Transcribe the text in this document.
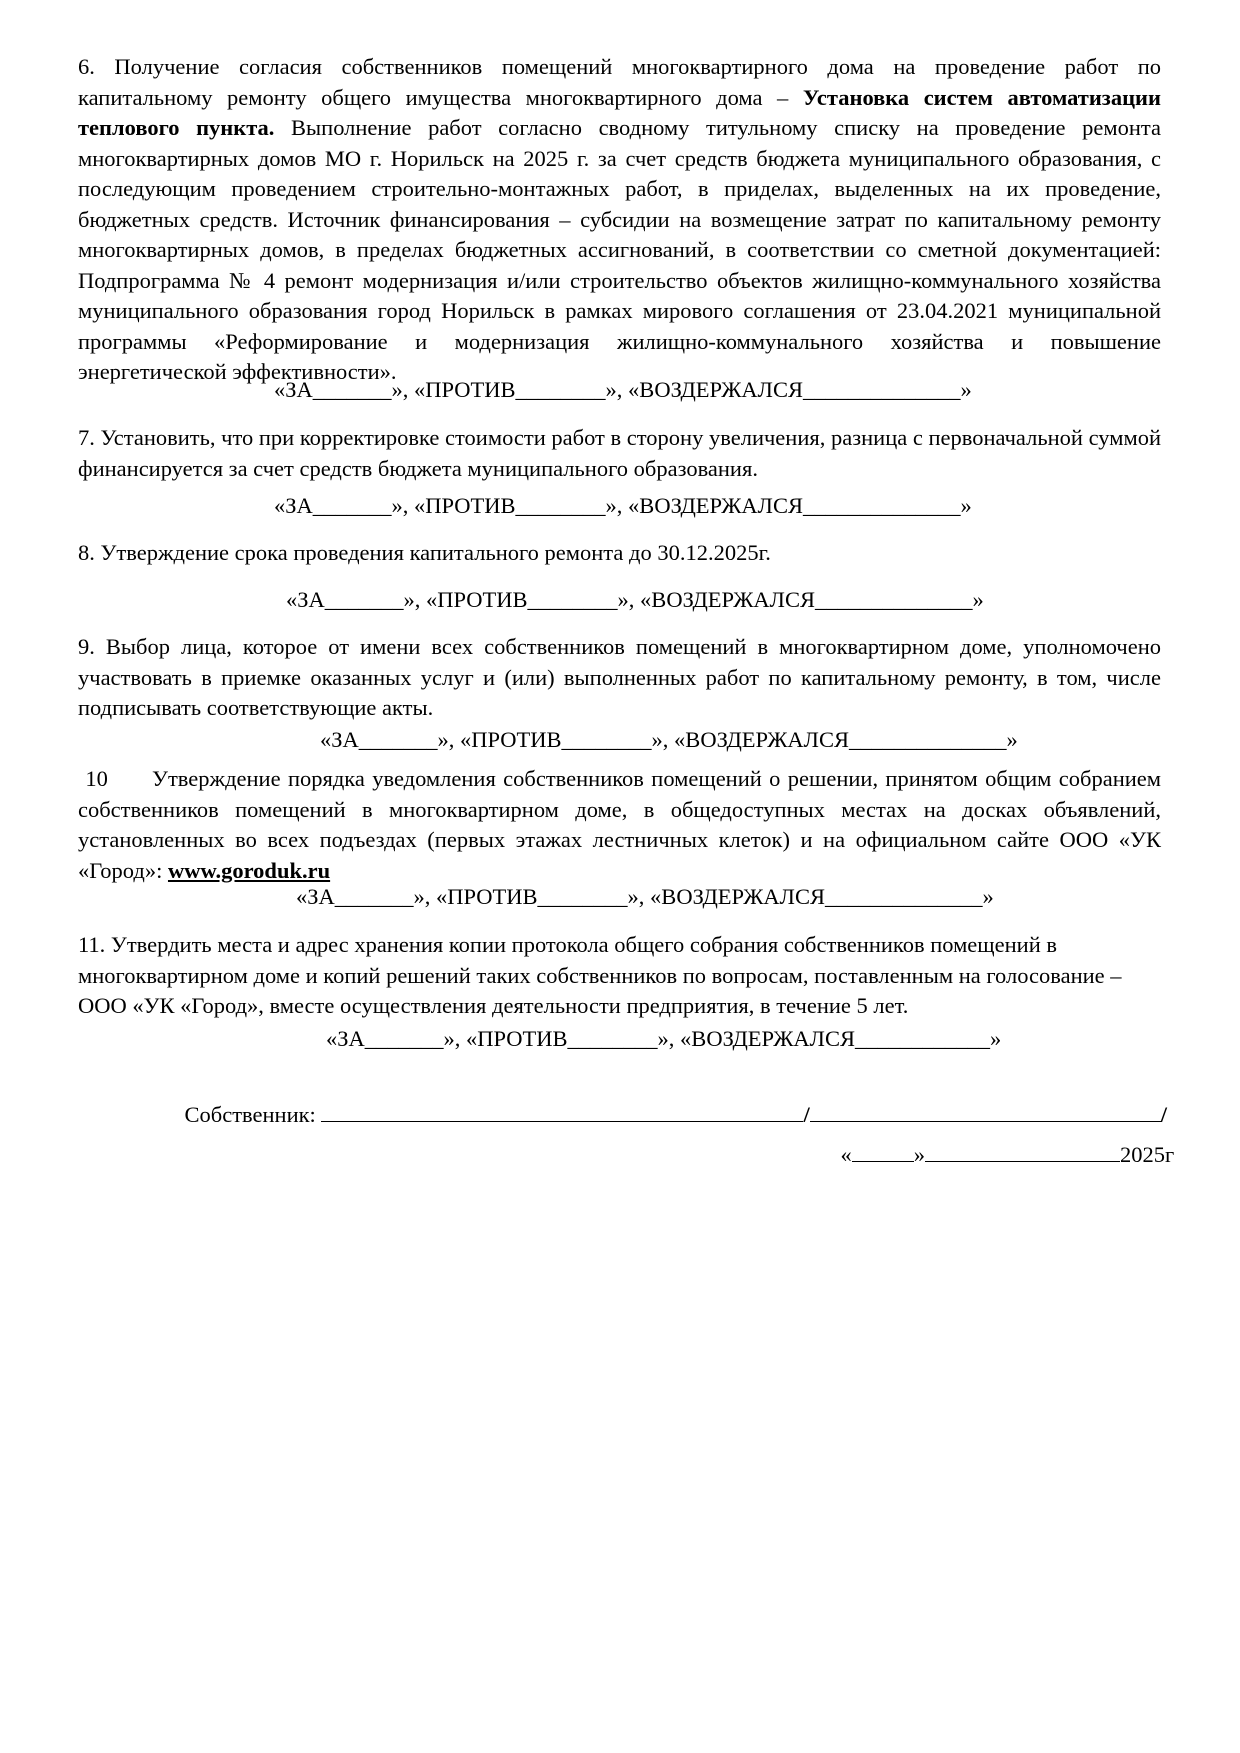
6. Получение согласия собственников помещений многоквартирного дома на проведение работ по капитальному ремонту общего имущества многоквартирного дома – Установка систем автоматизации теплового пункта. Выполнение работ согласно сводному титульному списку на проведение ремонта многоквартирных домов МО г. Норильск на 2025 г. за счет средств бюджета муниципального образования, с последующим проведением строительно-монтажных работ, в приделах, выделенных на их проведение, бюджетных средств. Источник финансирования – субсидии на возмещение затрат по капитальному ремонту многоквартирных домов, в пределах бюджетных ассигнований, в соответствии со сметной документацией: Подпрограмма № 4 ремонт модернизация и/или строительство объектов жилищно-коммунального хозяйства муниципального образования город Норильск в рамках мирового соглашения от 23.04.2021 муниципальной программы «Реформирование и модернизация жилищно-коммунального хозяйства и повышение энергетической эффективности».

«ЗА_______», «ПРОТИВ________», «ВОЗДЕРЖАЛСЯ______________»

7. Установить, что при корректировке стоимости работ в сторону увеличения, разница с первоначальной суммой финансируется за счет средств бюджета муниципального образования.

«ЗА_______», «ПРОТИВ________», «ВОЗДЕРЖАЛСЯ______________»

8. Утверждение срока проведения капитального ремонта до 30.12.2025г.

«ЗА_______», «ПРОТИВ________», «ВОЗДЕРЖАЛСЯ______________»

9. Выбор лица, которое от имени всех собственников помещений в многоквартирном доме, уполномочено участвовать в приемке оказанных услуг и (или) выполненных работ по капитальному ремонту, в том, числе подписывать соответствующие акты.

«ЗА_______», «ПРОТИВ________», «ВОЗДЕРЖАЛСЯ______________»

10      Утверждение порядка уведомления собственников помещений о решении, принятом общим собранием собственников помещений в многоквартирном доме, в общедоступных местах на досках объявлений, установленных во всех подъездах (первых этажах лестничных клеток) и на официальном сайте ООО «УК «Город»: www.goroduk.ru

«ЗА_______», «ПРОТИВ________», «ВОЗДЕРЖАЛСЯ______________»

11. Утвердить места и адрес хранения копии протокола общего собрания собственников помещений в многоквартирном доме и копий решений таких собственников по вопросам, поставленным на голосование – ООО «УК «Город», вместе осуществления деятельности предприятия, в течение 5 лет.

«ЗА_______», «ПРОТИВ________», «ВОЗДЕРЖАЛСЯ____________»

Собственник:	/	/

«	»	2025г
